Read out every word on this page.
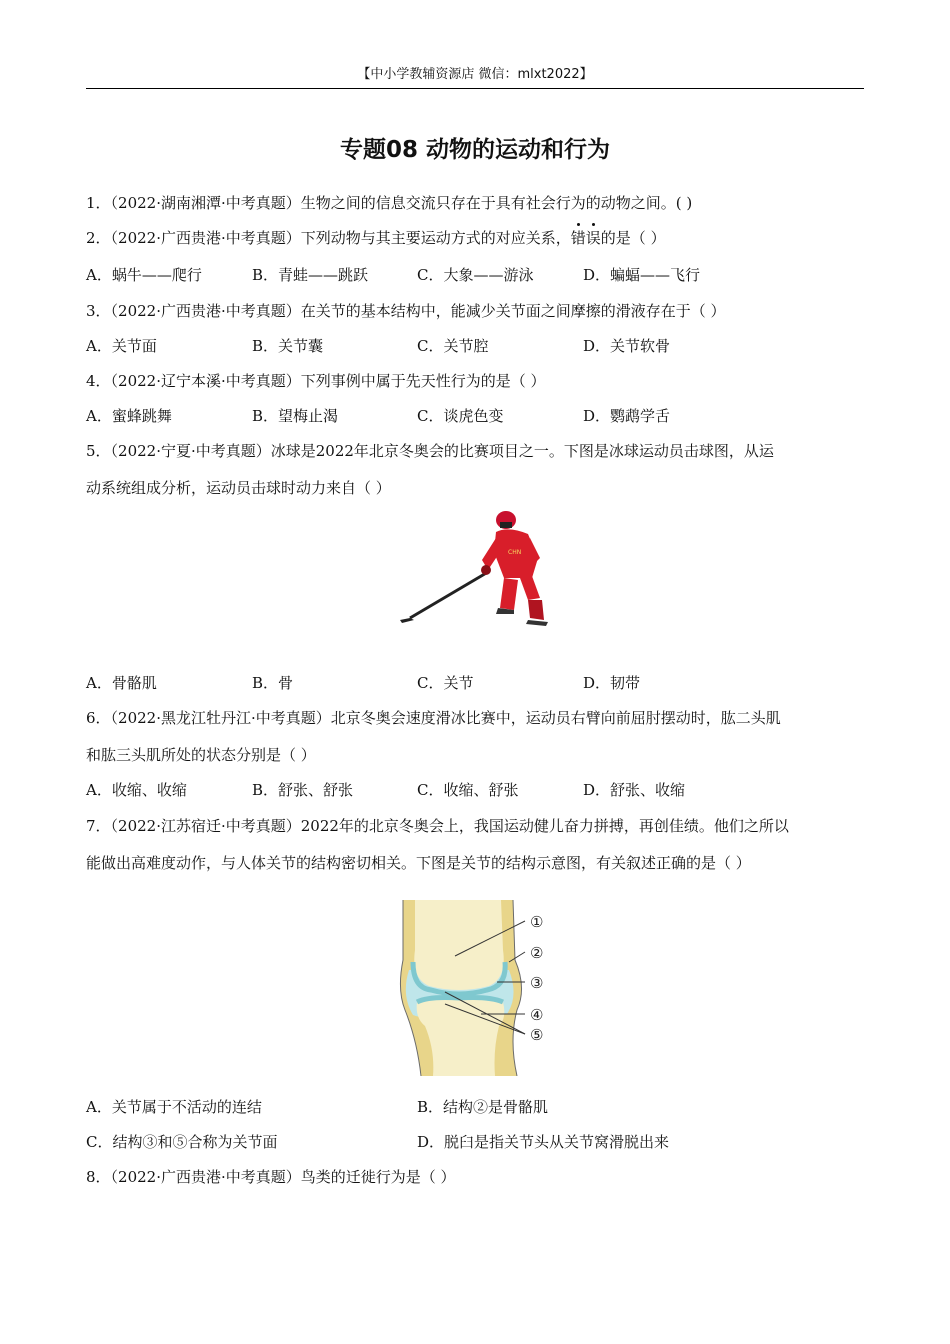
【中小学教辅资源店 微信：mlxt2022】
专题08 动物的运动和行为
1．（2022·湖南湘潭·中考真题）生物之间的信息交流只存在于具有社会行为的动物之间。( )
2．（2022·广西贵港·中考真题）下列动物与其主要运动方式的对应关系，错误的是（ ）
A．蜗牛——爬行	B．青蛙——跳跃	C．大象——游泳	D．蝙蝠——飞行
3．（2022·广西贵港·中考真题）在关节的基本结构中，能减少关节面之间摩擦的滑液存在于（ ）
A．关节面	B．关节囊	C．关节腔	D．关节软骨
4．（2022·辽宁本溪·中考真题）下列事例中属于先天性行为的是（ ）
A．蜜蜂跳舞	B．望梅止渴	C．谈虎色变	D．鹦鹉学舌
5．（2022·宁夏·中考真题）冰球是2022年北京冬奥会的比赛项目之一。下图是冰球运动员击球图，从运
动系统组成分析，运动员击球时动力来自（ ）
CHN
A．骨骼肌	B．骨	C．关节	D．韧带
6．（2022·黑龙江牡丹江·中考真题）北京冬奥会速度滑冰比赛中，运动员右臂向前屈肘摆动时，肱二头肌
和肱三头肌所处的状态分别是（ ）
A．收缩、收缩	B．舒张、舒张	C．收缩、舒张	D．舒张、收缩
7．（2022·江苏宿迁·中考真题）2022年的北京冬奥会上，我国运动健儿奋力拼搏，再创佳绩。他们之所以
能做出高难度动作，与人体关节的结构密切相关。下图是关节的结构示意图，有关叙述正确的是（ ）
①
②
③
④
⑤
A．关节属于不活动的连结	B．结构②是骨骼肌
C．结构③和⑤合称为关节面	D．脱臼是指关节头从关节窝滑脱出来
8．（2022·广西贵港·中考真题）鸟类的迁徙行为是（ ）
